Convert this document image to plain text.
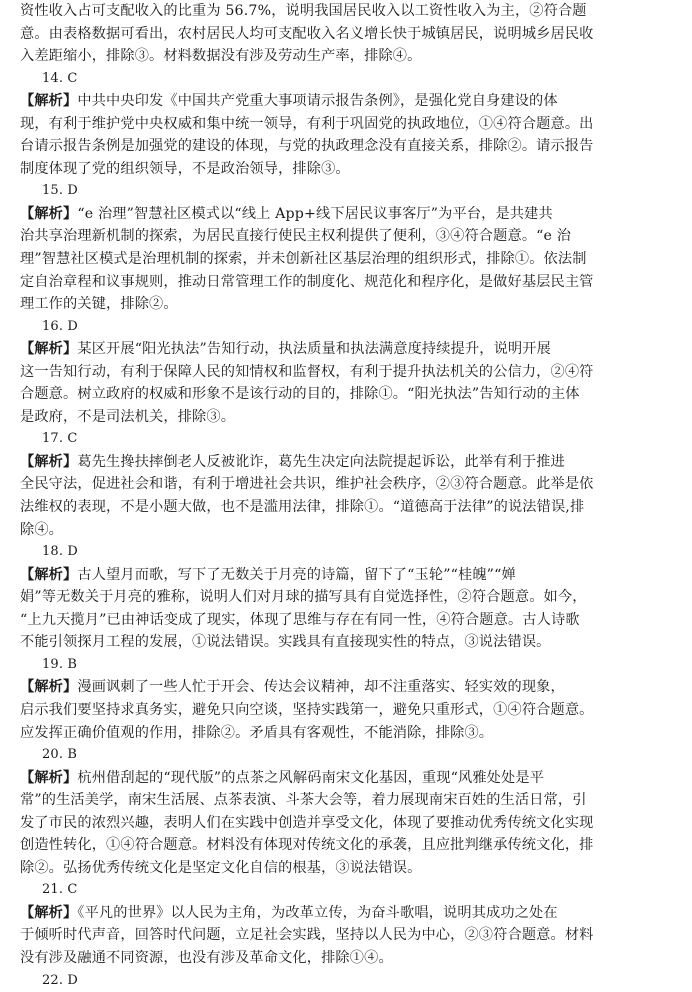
资性收入占可支配收入的比重为 56.7%，说明我国居民收入以工资性收入为主，②符合题
意。由表格数据可看出，农村居民人均可支配收入名义增长快于城镇居民，说明城乡居民收
入差距缩小，排除③。材料数据没有涉及劳动生产率，排除④。
14. C
【解析】中共中央印发《中国共产党重大事项请示报告条例》，是强化党自身建设的体
现，有利于维护党中央权威和集中统一领导，有利于巩固党的执政地位，①④符合题意。出
台请示报告条例是加强党的建设的体现，与党的执政理念没有直接关系，排除②。请示报告
制度体现了党的组织领导，不是政治领导，排除③。
15. D
【解析】“e 治理”智慧社区模式以“线上 App+线下居民议事客厅”为平台，是共建共
治共享治理新机制的探索，为居民直接行使民主权利提供了便利，③④符合题意。“e 治
理”智慧社区模式是治理机制的探索，并未创新社区基层治理的组织形式，排除①。依法制
定自治章程和议事规则，推动日常管理工作的制度化、规范化和程序化，是做好基层民主管
理工作的关键，排除②。
16. D
【解析】某区开展“阳光执法”告知行动，执法质量和执法满意度持续提升，说明开展
这一告知行动，有利于保障人民的知情权和监督权，有利于提升执法机关的公信力，②④符
合题意。树立政府的权威和形象不是该行动的目的，排除①。“阳光执法”告知行动的主体
是政府，不是司法机关，排除③。
17. C
【解析】葛先生搀扶摔倒老人反被讹诈，葛先生决定向法院提起诉讼，此举有利于推进
全民守法，促进社会和谐，有利于增进社会共识，维护社会秩序，②③符合题意。此举是依
法维权的表现，不是小题大做，也不是滥用法律，排除①。“道德高于法律”的说法错误,排
除④。
18. D
【解析】古人望月而歌，写下了无数关于月亮的诗篇，留下了“玉轮”“桂魄”“婵
娟”等无数关于月亮的雅称，说明人们对月球的描写具有自觉选择性，②符合题意。如今，
“上九天揽月”已由神话变成了现实，体现了思维与存在有同一性，④符合题意。古人诗歌
不能引领探月工程的发展，①说法错误。实践具有直接现实性的特点，③说法错误。
19. B
【解析】漫画讽刺了一些人忙于开会、传达会议精神，却不注重落实、轻实效的现象，
启示我们要坚持求真务实，避免只向空谈，坚持实践第一，避免只重形式，①④符合题意。
应发挥正确价值观的作用，排除②。矛盾具有客观性，不能消除，排除③。
20. B
【解析】杭州借刮起的“现代版”的点茶之风解码南宋文化基因，重现“风雅处处是平
常”的生活美学，南宋生活展、点茶表演、斗茶大会等，着力展现南宋百姓的生活日常，引
发了市民的浓烈兴趣，表明人们在实践中创造并享受文化，体现了要推动优秀传统文化实现
创造性转化，①④符合题意。材料没有体现对传统文化的承袭，且应批判继承传统文化，排
除②。弘扬优秀传统文化是坚定文化自信的根基，③说法错误。
21. C
【解析】《平凡的世界》以人民为主角，为改革立传，为奋斗歌唱，说明其成功之处在
于倾听时代声音，回答时代问题，立足社会实践，坚持以人民为中心，②③符合题意。材料
没有涉及融通不同资源，也没有涉及革命文化，排除①④。
22. D
